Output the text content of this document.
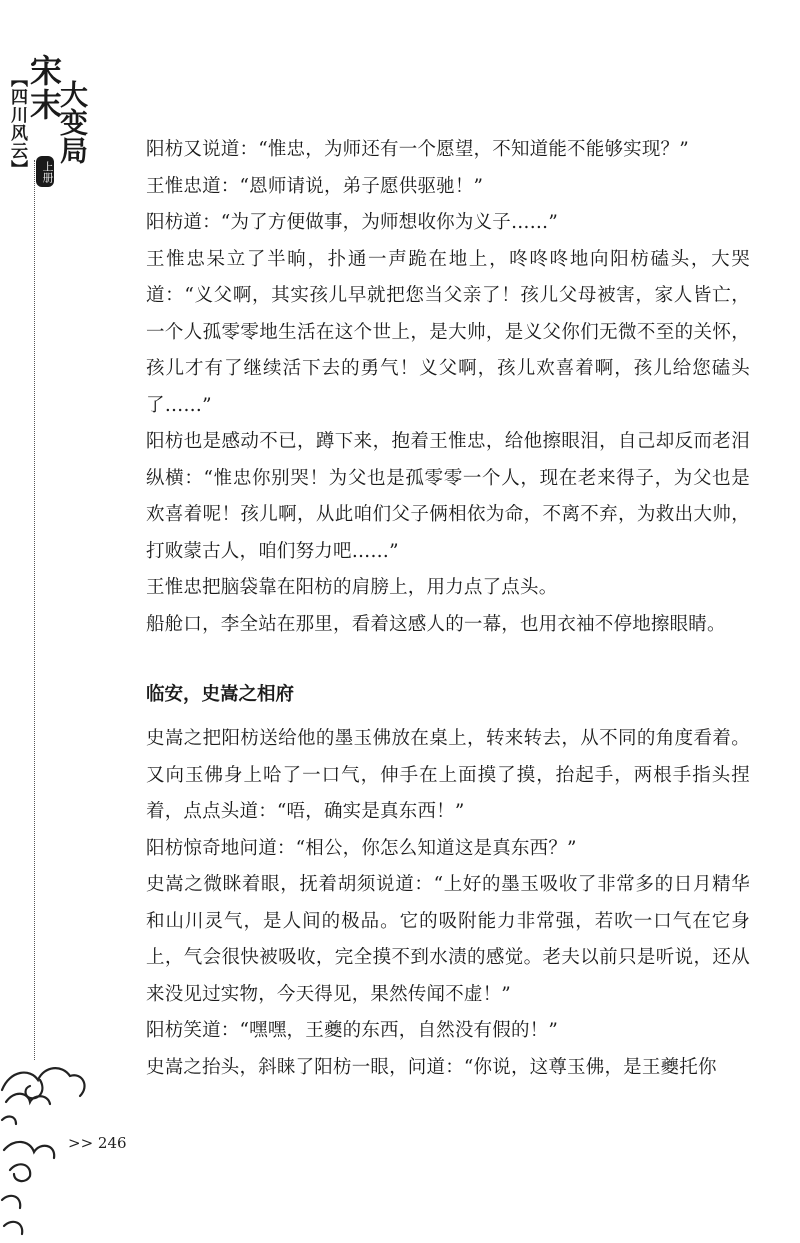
【四川风云】
宋末
大变局
上册

阳枋又说道：“惟忠，为师还有一个愿望，不知道能不能够实现？”

王惟忠道：“恩师请说，弟子愿供驱驰！”

阳枋道：“为了方便做事，为师想收你为义子……”

王惟忠呆立了半晌，扑通一声跪在地上，咚咚咚地向阳枋磕头，大哭道：“义父啊，其实孩儿早就把您当父亲了！孩儿父母被害，家人皆亡，一个人孤零零地生活在这个世上，是大帅，是义父你们无微不至的关怀，孩儿才有了继续活下去的勇气！义父啊，孩儿欢喜着啊，孩儿给您磕头了……”

阳枋也是感动不已，蹲下来，抱着王惟忠，给他擦眼泪，自己却反而老泪纵横：“惟忠你别哭！为父也是孤零零一个人，现在老来得子，为父也是欢喜着呢！孩儿啊，从此咱们父子俩相依为命，不离不弃，为救出大帅，打败蒙古人，咱们努力吧……”

王惟忠把脑袋靠在阳枋的肩膀上，用力点了点头。

船舱口，李全站在那里，看着这感人的一幕，也用衣袖不停地擦眼睛。

临安，史嵩之相府

史嵩之把阳枋送给他的墨玉佛放在桌上，转来转去，从不同的角度看着。又向玉佛身上哈了一口气，伸手在上面摸了摸，抬起手，两根手指头捏着，点点头道：“唔，确实是真东西！”

阳枋惊奇地问道：“相公，你怎么知道这是真东西？”

史嵩之微眯着眼，抚着胡须说道：“上好的墨玉吸收了非常多的日月精华和山川灵气，是人间的极品。它的吸附能力非常强，若吹一口气在它身上，气会很快被吸收，完全摸不到水渍的感觉。老夫以前只是听说，还从来没见过实物，今天得见，果然传闻不虚！”

阳枋笑道：“嘿嘿，王夔的东西，自然没有假的！”

史嵩之抬头，斜睐了阳枋一眼，问道：“你说，这尊玉佛，是王夔托你

>> 246
